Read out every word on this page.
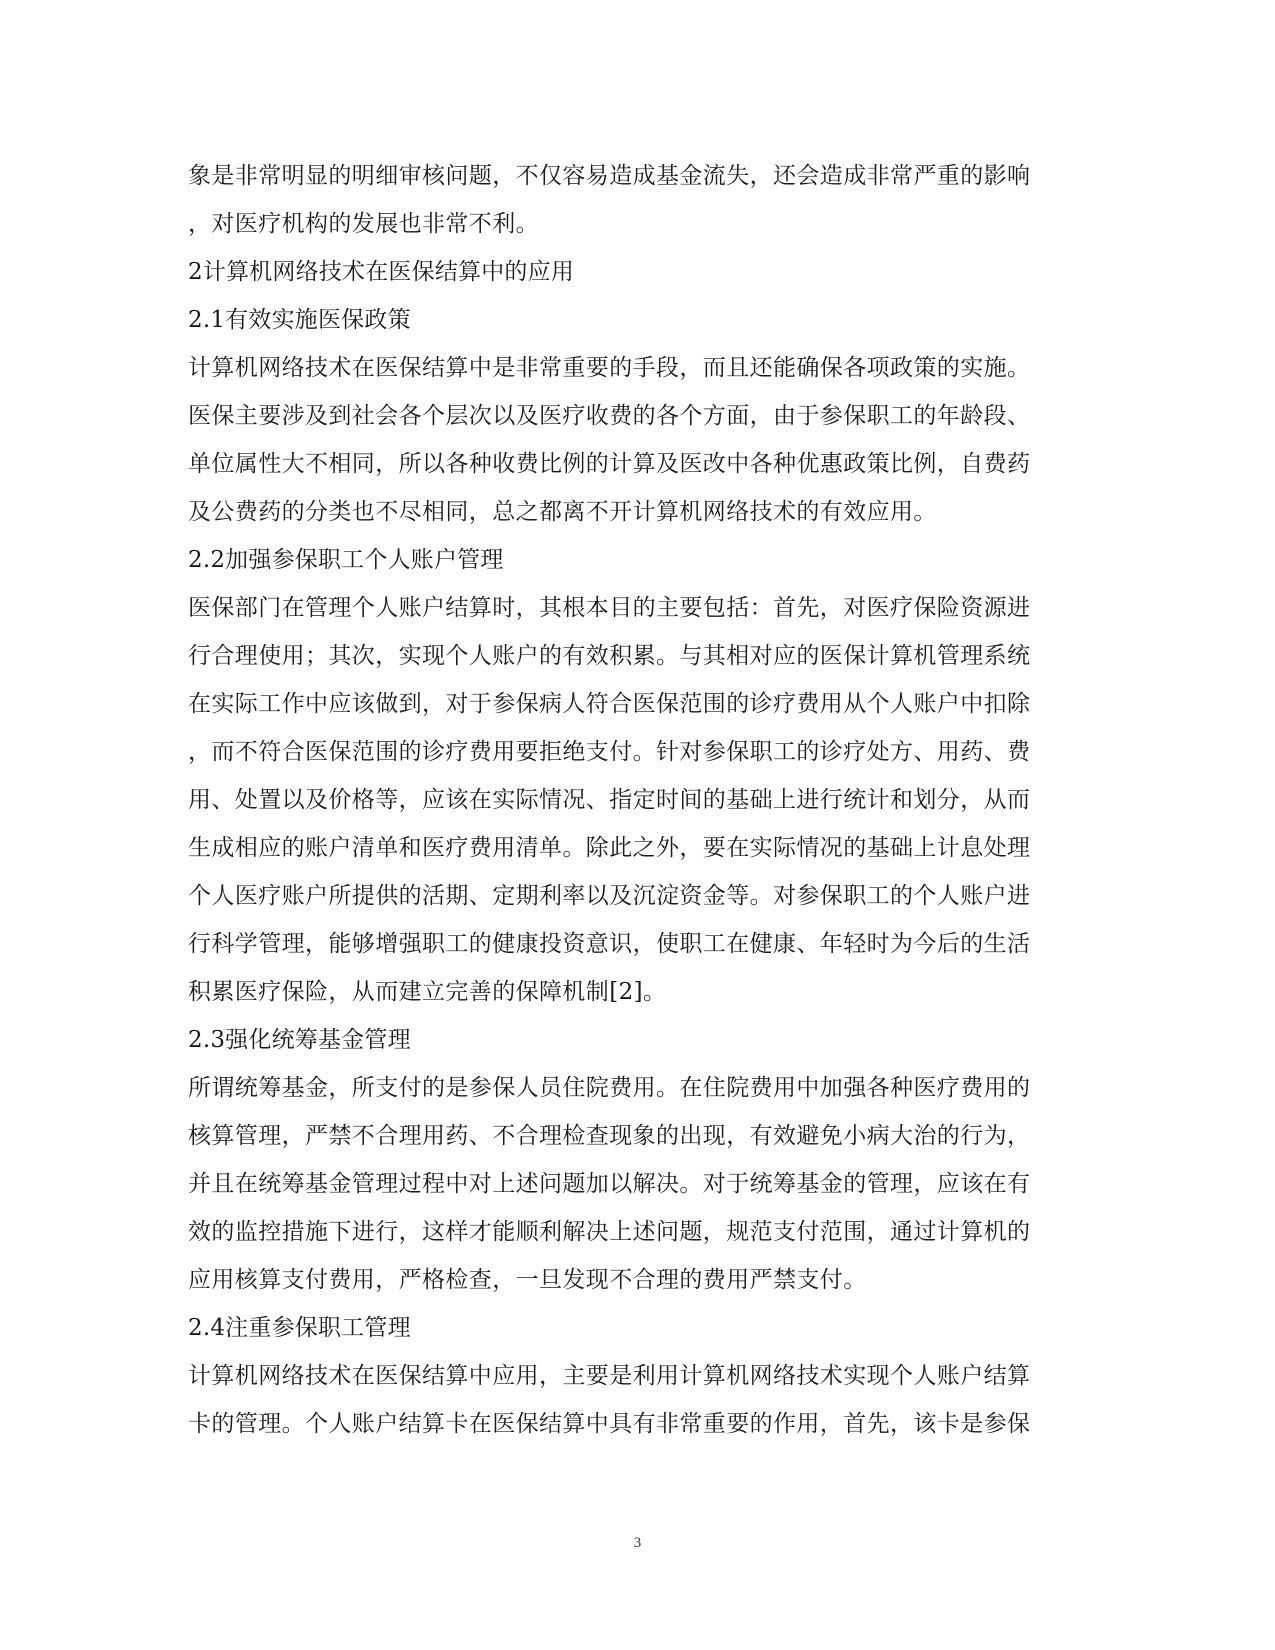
象是非常明显的明细审核问题，不仅容易造成基金流失，还会造成非常严重的影响
，对医疗机构的发展也非常不利。
2计算机网络技术在医保结算中的应用
2.1有效实施医保政策
计算机网络技术在医保结算中是非常重要的手段，而且还能确保各项政策的实施。
医保主要涉及到社会各个层次以及医疗收费的各个方面，由于参保职工的年龄段、
单位属性大不相同，所以各种收费比例的计算及医改中各种优惠政策比例，自费药
及公费药的分类也不尽相同，总之都离不开计算机网络技术的有效应用。
2.2加强参保职工个人账户管理
医保部门在管理个人账户结算时，其根本目的主要包括：首先，对医疗保险资源进
行合理使用；其次，实现个人账户的有效积累。与其相对应的医保计算机管理系统
在实际工作中应该做到，对于参保病人符合医保范围的诊疗费用从个人账户中扣除
，而不符合医保范围的诊疗费用要拒绝支付。针对参保职工的诊疗处方、用药、费
用、处置以及价格等，应该在实际情况、指定时间的基础上进行统计和划分，从而
生成相应的账户清单和医疗费用清单。除此之外，要在实际情况的基础上计息处理
个人医疗账户所提供的活期、定期利率以及沉淀资金等。对参保职工的个人账户进
行科学管理，能够增强职工的健康投资意识，使职工在健康、年轻时为今后的生活
积累医疗保险，从而建立完善的保障机制[2]。
2.3强化统筹基金管理
所谓统筹基金，所支付的是参保人员住院费用。在住院费用中加强各种医疗费用的
核算管理，严禁不合理用药、不合理检查现象的出现，有效避免小病大治的行为，
并且在统筹基金管理过程中对上述问题加以解决。对于统筹基金的管理，应该在有
效的监控措施下进行，这样才能顺利解决上述问题，规范支付范围，通过计算机的
应用核算支付费用，严格检查，一旦发现不合理的费用严禁支付。
2.4注重参保职工管理
计算机网络技术在医保结算中应用，主要是利用计算机网络技术实现个人账户结算
卡的管理。个人账户结算卡在医保结算中具有非常重要的作用，首先，该卡是参保
3
